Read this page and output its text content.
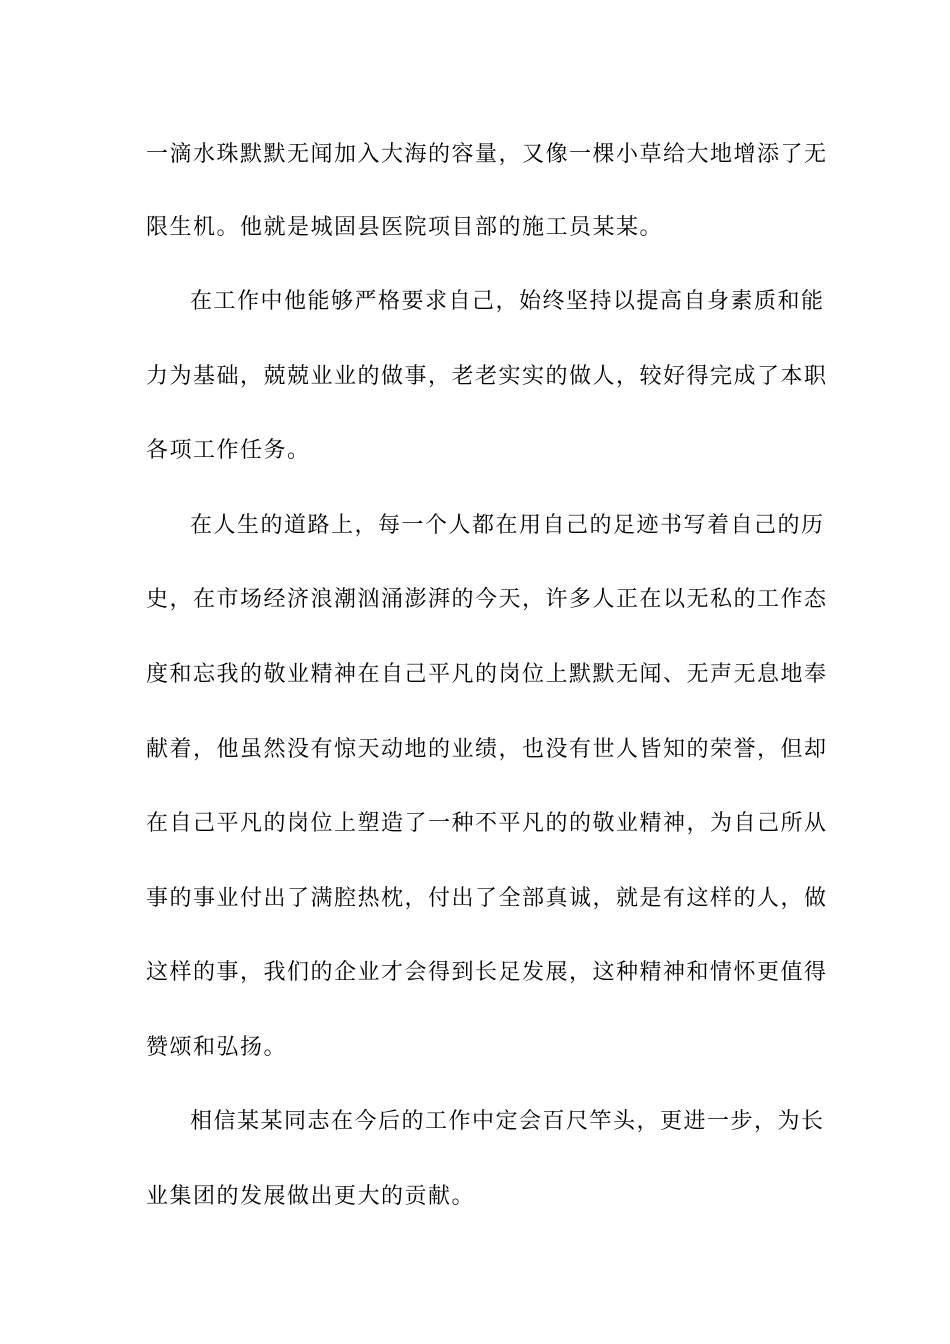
一滴水珠默默无闻加入大海的容量，又像一棵小草给大地增添了无
限生机。他就是城固县医院项目部的施工员某某。
在工作中他能够严格要求自己，始终坚持以提高自身素质和能
力为基础，兢兢业业的做事，老老实实的做人，较好得完成了本职
各项工作任务。
在人生的道路上，每一个人都在用自己的足迹书写着自己的历
史，在市场经济浪潮汹涌澎湃的今天，许多人正在以无私的工作态
度和忘我的敬业精神在自己平凡的岗位上默默无闻、无声无息地奉
献着，他虽然没有惊天动地的业绩，也没有世人皆知的荣誉，但却
在自己平凡的岗位上塑造了一种不平凡的的敬业精神，为自己所从
事的事业付出了满腔热枕，付出了全部真诚，就是有这样的人，做
这样的事，我们的企业才会得到长足发展，这种精神和情怀更值得
赞颂和弘扬。
相信某某同志在今后的工作中定会百尺竿头，更进一步，为长
业集团的发展做出更大的贡献。
